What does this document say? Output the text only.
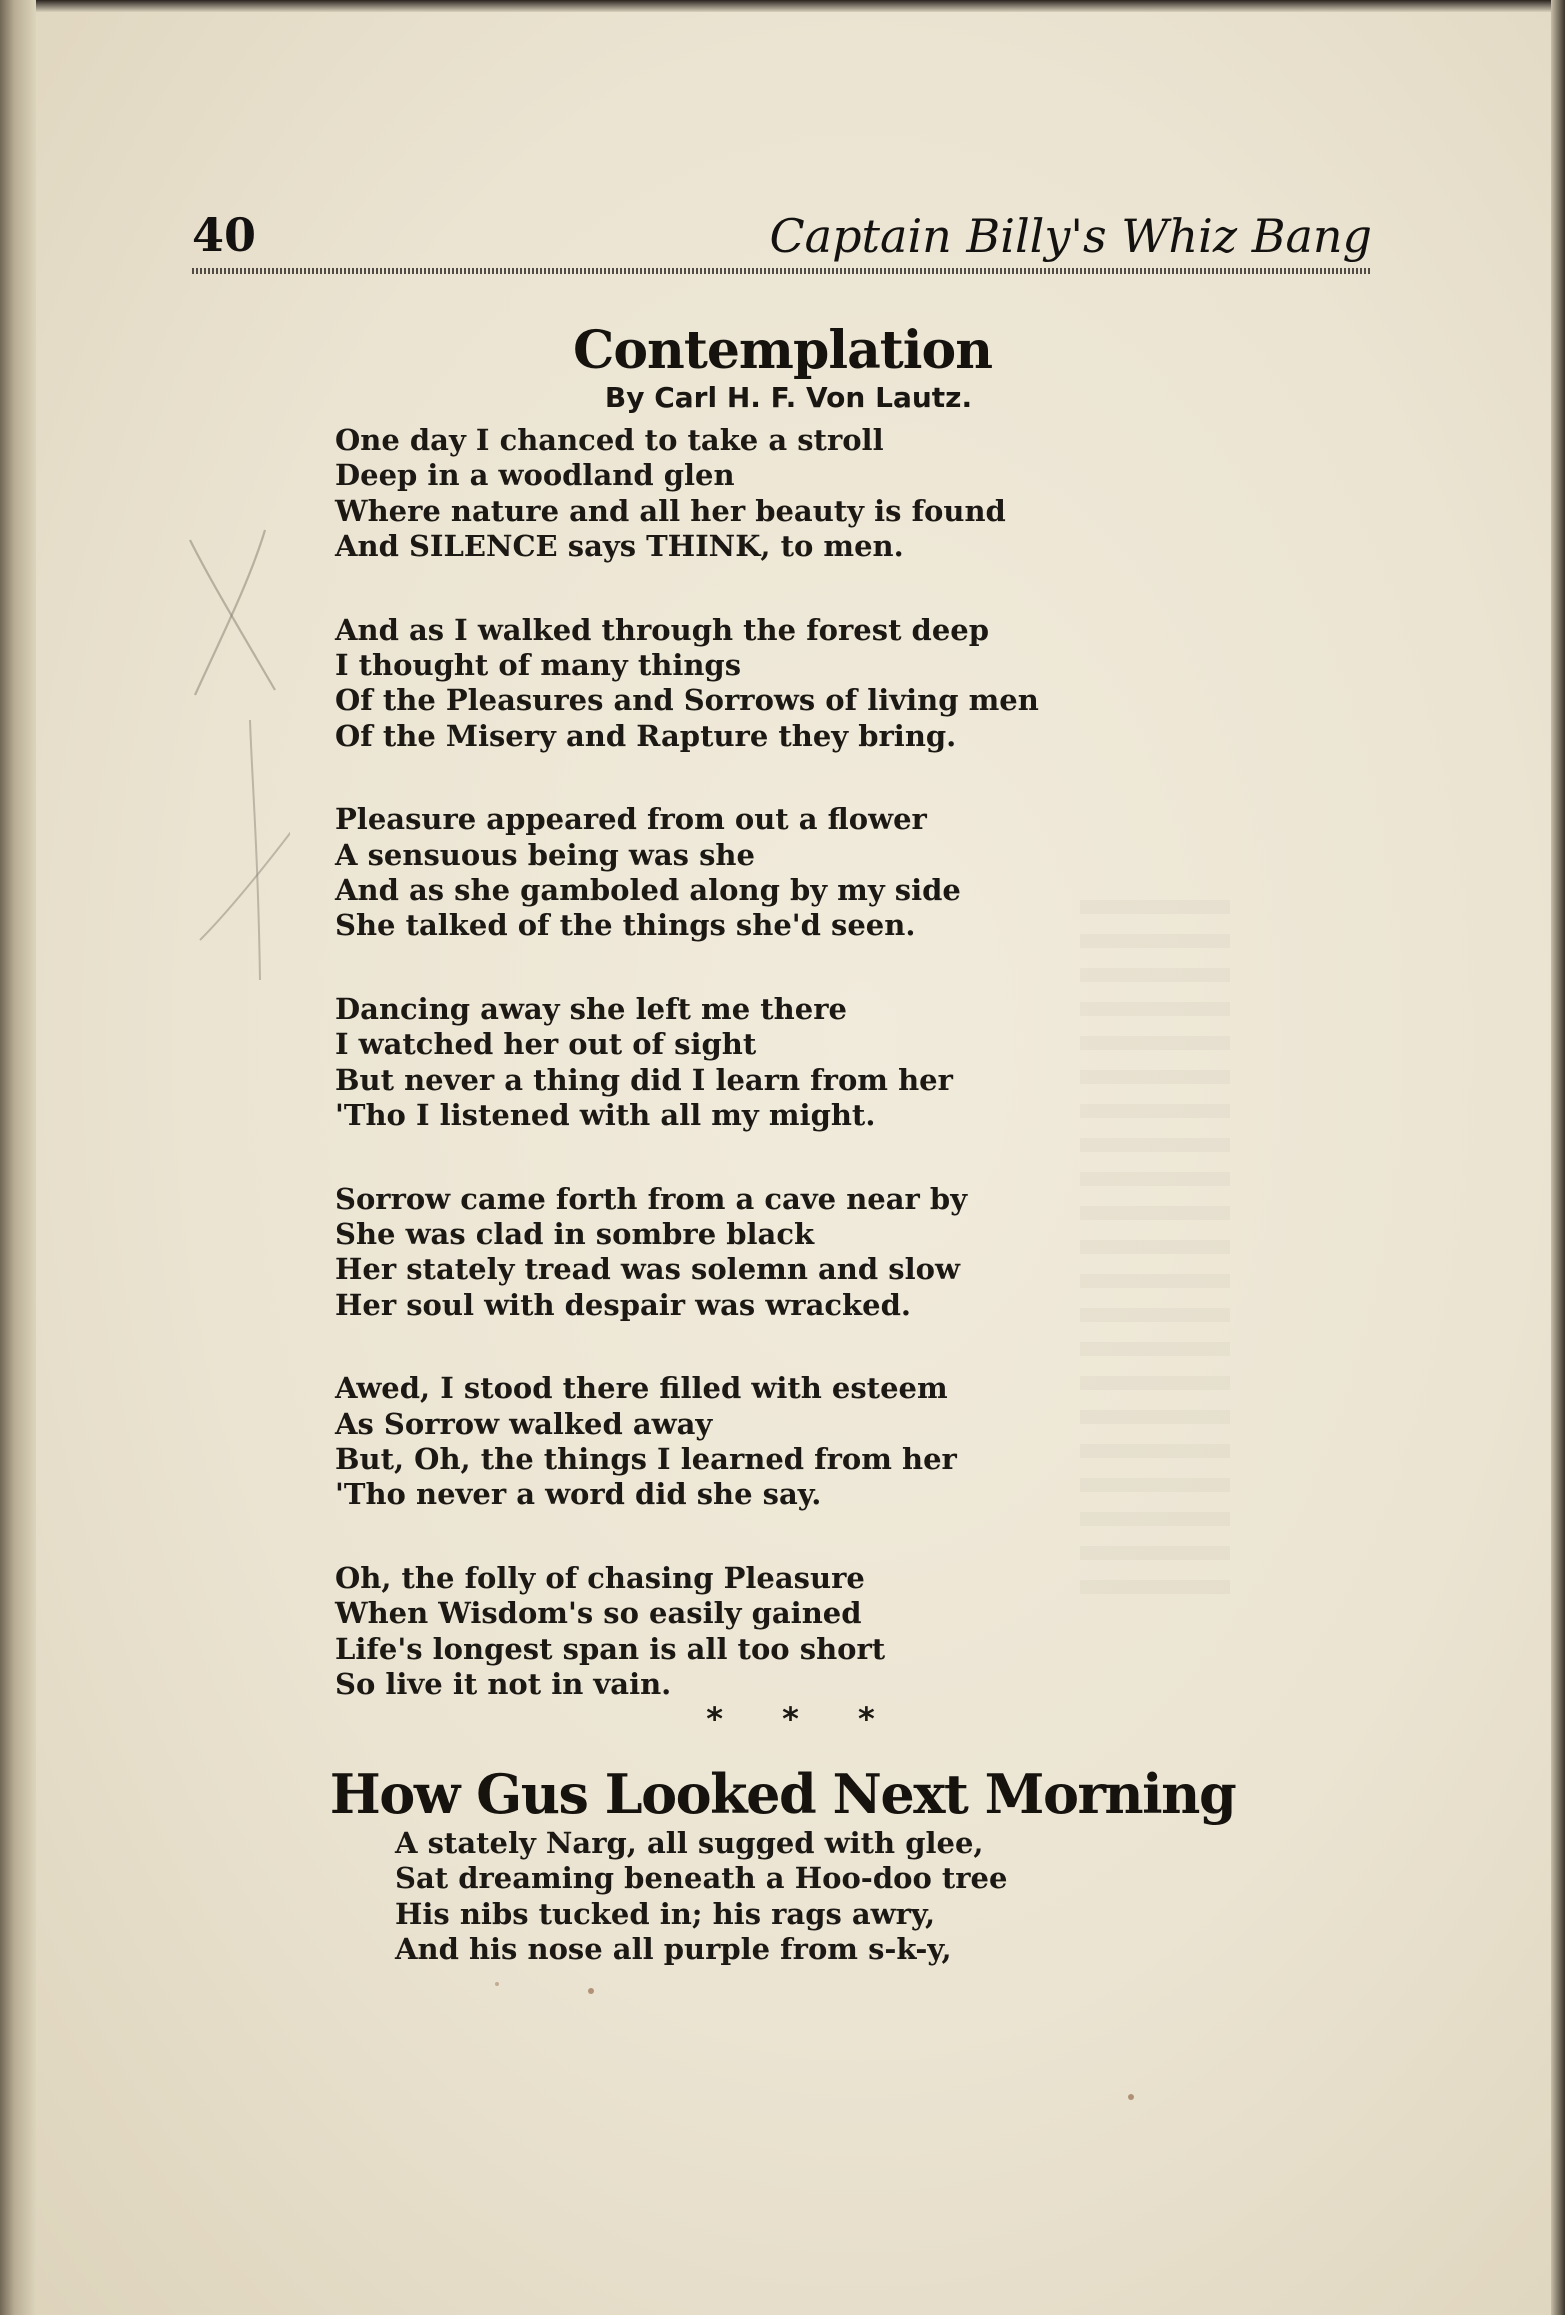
40	Captain Billy's Whiz Bang
Contemplation
By Carl H. F. Von Lautz.
One day I chanced to take a stroll
Deep in a woodland glen
Where nature and all her beauty is found
And SILENCE says THINK, to men.
And as I walked through the forest deep
I thought of many things
Of the Pleasures and Sorrows of living men
Of the Misery and Rapture they bring.
Pleasure appeared from out a flower
A sensuous being was she
And as she gamboled along by my side
She talked of the things she'd seen.
Dancing away she left me there
I watched her out of sight
But never a thing did I learn from her
'Tho I listened with all my might.
Sorrow came forth from a cave near by
She was clad in sombre black
Her stately tread was solemn and slow
Her soul with despair was wracked.
Awed, I stood there filled with esteem
As Sorrow walked away
But, Oh, the things I learned from her
'Tho never a word did she say.
Oh, the folly of chasing Pleasure
When Wisdom's so easily gained
Life's longest span is all too short
So live it not in vain.
* * *
How Gus Looked Next Morning
A stately Narg, all sugged with glee,
Sat dreaming beneath a Hoo-doo tree
His nibs tucked in; his rags awry,
And his nose all purple from s-k-y,
